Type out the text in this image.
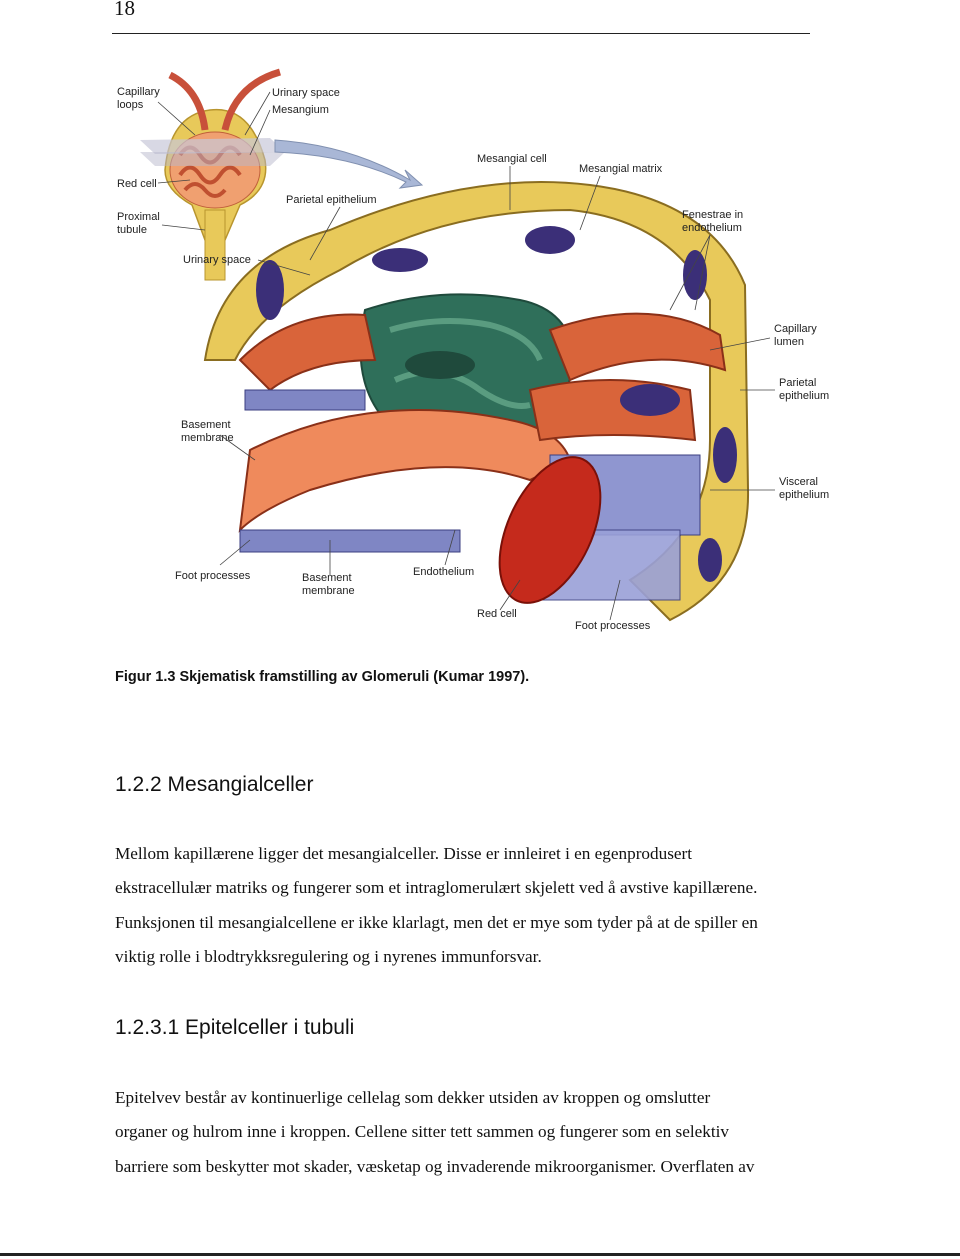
18
Capillary
loops
Urinary space
Mesangium
Red cell
Proximal
tubule
Urinary space
Parietal epithelium
Mesangial cell
Mesangial matrix
Fenestrae in
endothelium
Capillary
lumen
Parietal
epithelium
Visceral
epithelium
Basement
membrane
Foot processes	Basement
membrane
Endothelium
Red cell
Foot processes
Figur 1.3 Skjematisk framstilling av Glomeruli (Kumar 1997).
1.2.2 Mesangialceller
Mellom kapillærene ligger det mesangialceller. Disse er innleiret i en egenprodusert
ekstracellulær matriks og fungerer som et intraglomerulært skjelett ved å avstive kapillærene.
Funksjonen til mesangialcellene er ikke klarlagt, men det er mye som tyder på at de spiller en
viktig rolle i blodtrykksregulering og i nyrenes immunforsvar.
1.2.3.1 Epitelceller i tubuli
Epitelvev består av kontinuerlige cellelag som dekker utsiden av kroppen og omslutter
organer og hulrom inne i kroppen. Cellene sitter tett sammen og fungerer som en selektiv
barriere som beskytter mot skader, væsketap og invaderende mikroorganismer. Overflaten av
